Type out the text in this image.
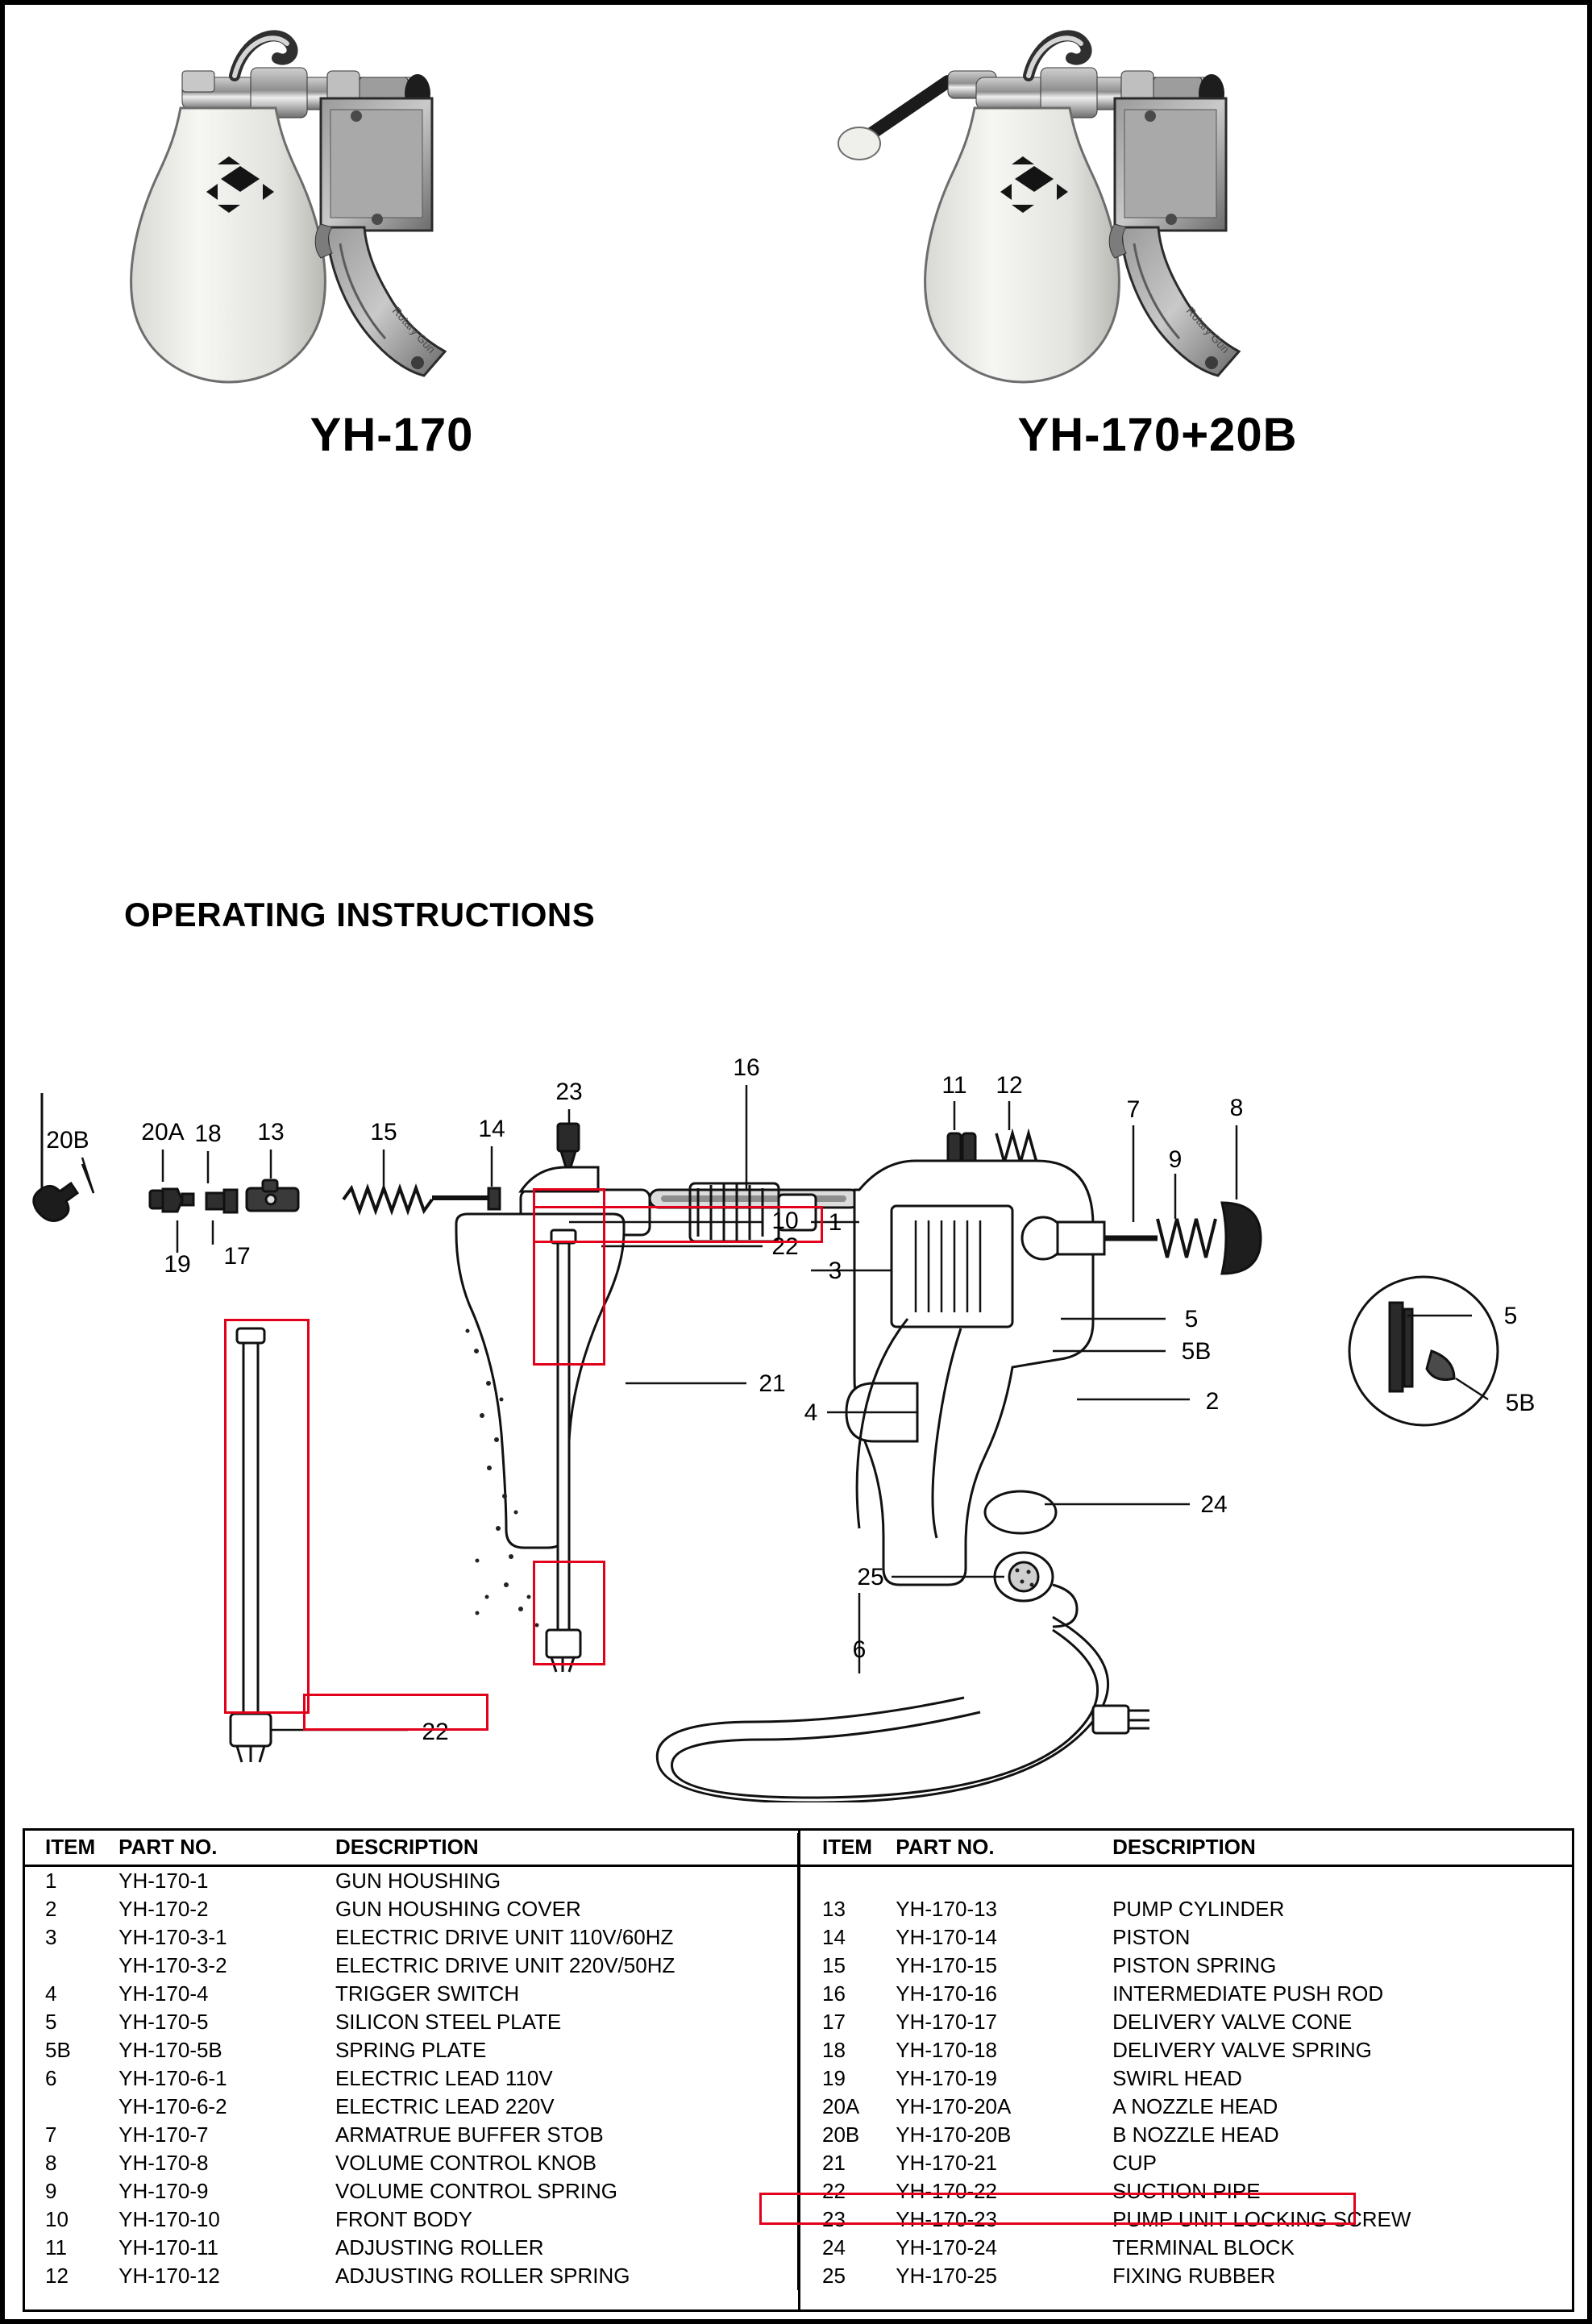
Rotary Gun
YH-170
Rotary Gun
YH-170+20B
OPERATING INSTRUCTIONS
20B 20A 18 13	15	14
23
16
11 12
7	8
9
19 17
10
22
1
3
5
5B
2
4
24
25
6
21
22
5
5B
ITEM	PART NO.	DESCRIPTION	ITEM	PART NO.	DESCRIPTION
1	YH-170-1	GUN HOUSHING			
2	YH-170-2	GUN HOUSHING COVER	13	YH-170-13	PUMP CYLINDER
3	YH-170-3-1	ELECTRIC DRIVE UNIT 110V/60HZ	14	YH-170-14	PISTON
	YH-170-3-2	ELECTRIC DRIVE UNIT 220V/50HZ	15	YH-170-15	PISTON SPRING
4	YH-170-4	TRIGGER SWITCH	16	YH-170-16	INTERMEDIATE PUSH ROD
5	YH-170-5	SILICON STEEL PLATE	17	YH-170-17	DELIVERY VALVE CONE
5B	YH-170-5B	SPRING PLATE	18	YH-170-18	DELIVERY VALVE SPRING
6	YH-170-6-1	ELECTRIC LEAD 110V	19	YH-170-19	SWIRL HEAD
	YH-170-6-2	ELECTRIC LEAD 220V	20A	YH-170-20A	A NOZZLE HEAD
7	YH-170-7	ARMATRUE BUFFER STOB	20B	YH-170-20B	B NOZZLE HEAD
8	YH-170-8	VOLUME CONTROL KNOB	21	YH-170-21	CUP
9	YH-170-9	VOLUME CONTROL SPRING	22	YH-170-22	SUCTION PIPE
10	YH-170-10	FRONT BODY	23	YH-170-23	PUMP UNIT LOCKING SCREW
11	YH-170-11	ADJUSTING ROLLER	24	YH-170-24	TERMINAL BLOCK
12	YH-170-12	ADJUSTING ROLLER SPRING	25	YH-170-25	FIXING RUBBER
